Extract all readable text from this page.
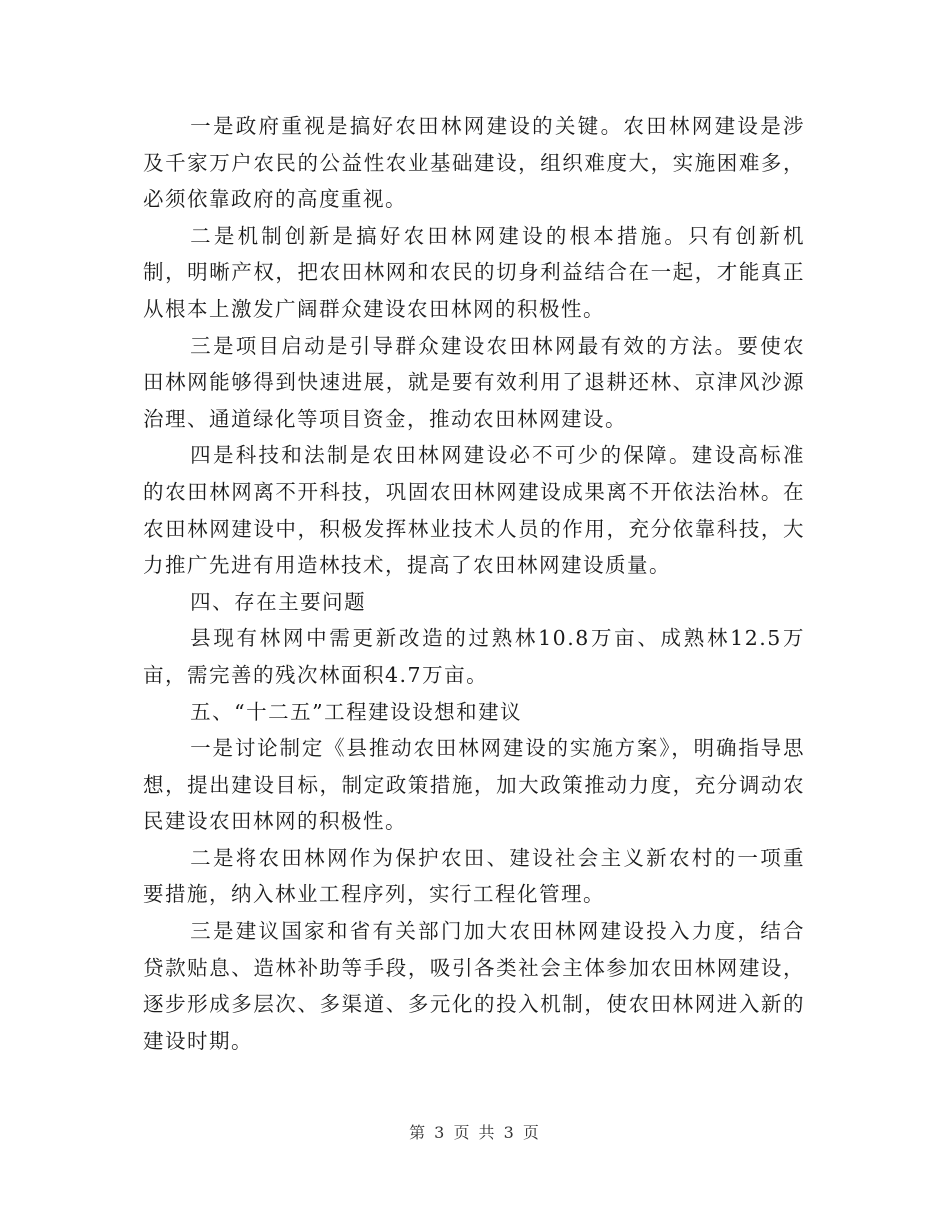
一是政府重视是搞好农田林网建设的关键。农田林网建设是涉及千家万户农民的公益性农业基础建设，组织难度大，实施困难多，必须依靠政府的高度重视。

二是机制创新是搞好农田林网建设的根本措施。只有创新机制，明晰产权，把农田林网和农民的切身利益结合在一起，才能真正从根本上激发广阔群众建设农田林网的积极性。

三是项目启动是引导群众建设农田林网最有效的方法。要使农田林网能够得到快速进展，就是要有效利用了退耕还林、京津风沙源治理、通道绿化等项目资金，推动农田林网建设。

四是科技和法制是农田林网建设必不可少的保障。建设高标准的农田林网离不开科技，巩固农田林网建设成果离不开依法治林。在农田林网建设中，积极发挥林业技术人员的作用，充分依靠科技，大力推广先进有用造林技术，提高了农田林网建设质量。

四、存在主要问题

县现有林网中需更新改造的过熟林10.8万亩、成熟林12.5万亩，需完善的残次林面积4.7万亩。

五、“十二五”工程建设设想和建议

一是讨论制定《县推动农田林网建设的实施方案》，明确指导思想，提出建设目标，制定政策措施，加大政策推动力度，充分调动农民建设农田林网的积极性。

二是将农田林网作为保护农田、建设社会主义新农村的一项重要措施，纳入林业工程序列，实行工程化管理。

三是建议国家和省有关部门加大农田林网建设投入力度，结合贷款贴息、造林补助等手段，吸引各类社会主体参加农田林网建设，逐步形成多层次、多渠道、多元化的投入机制，使农田林网进入新的建设时期。

第 3 页 共 3 页
